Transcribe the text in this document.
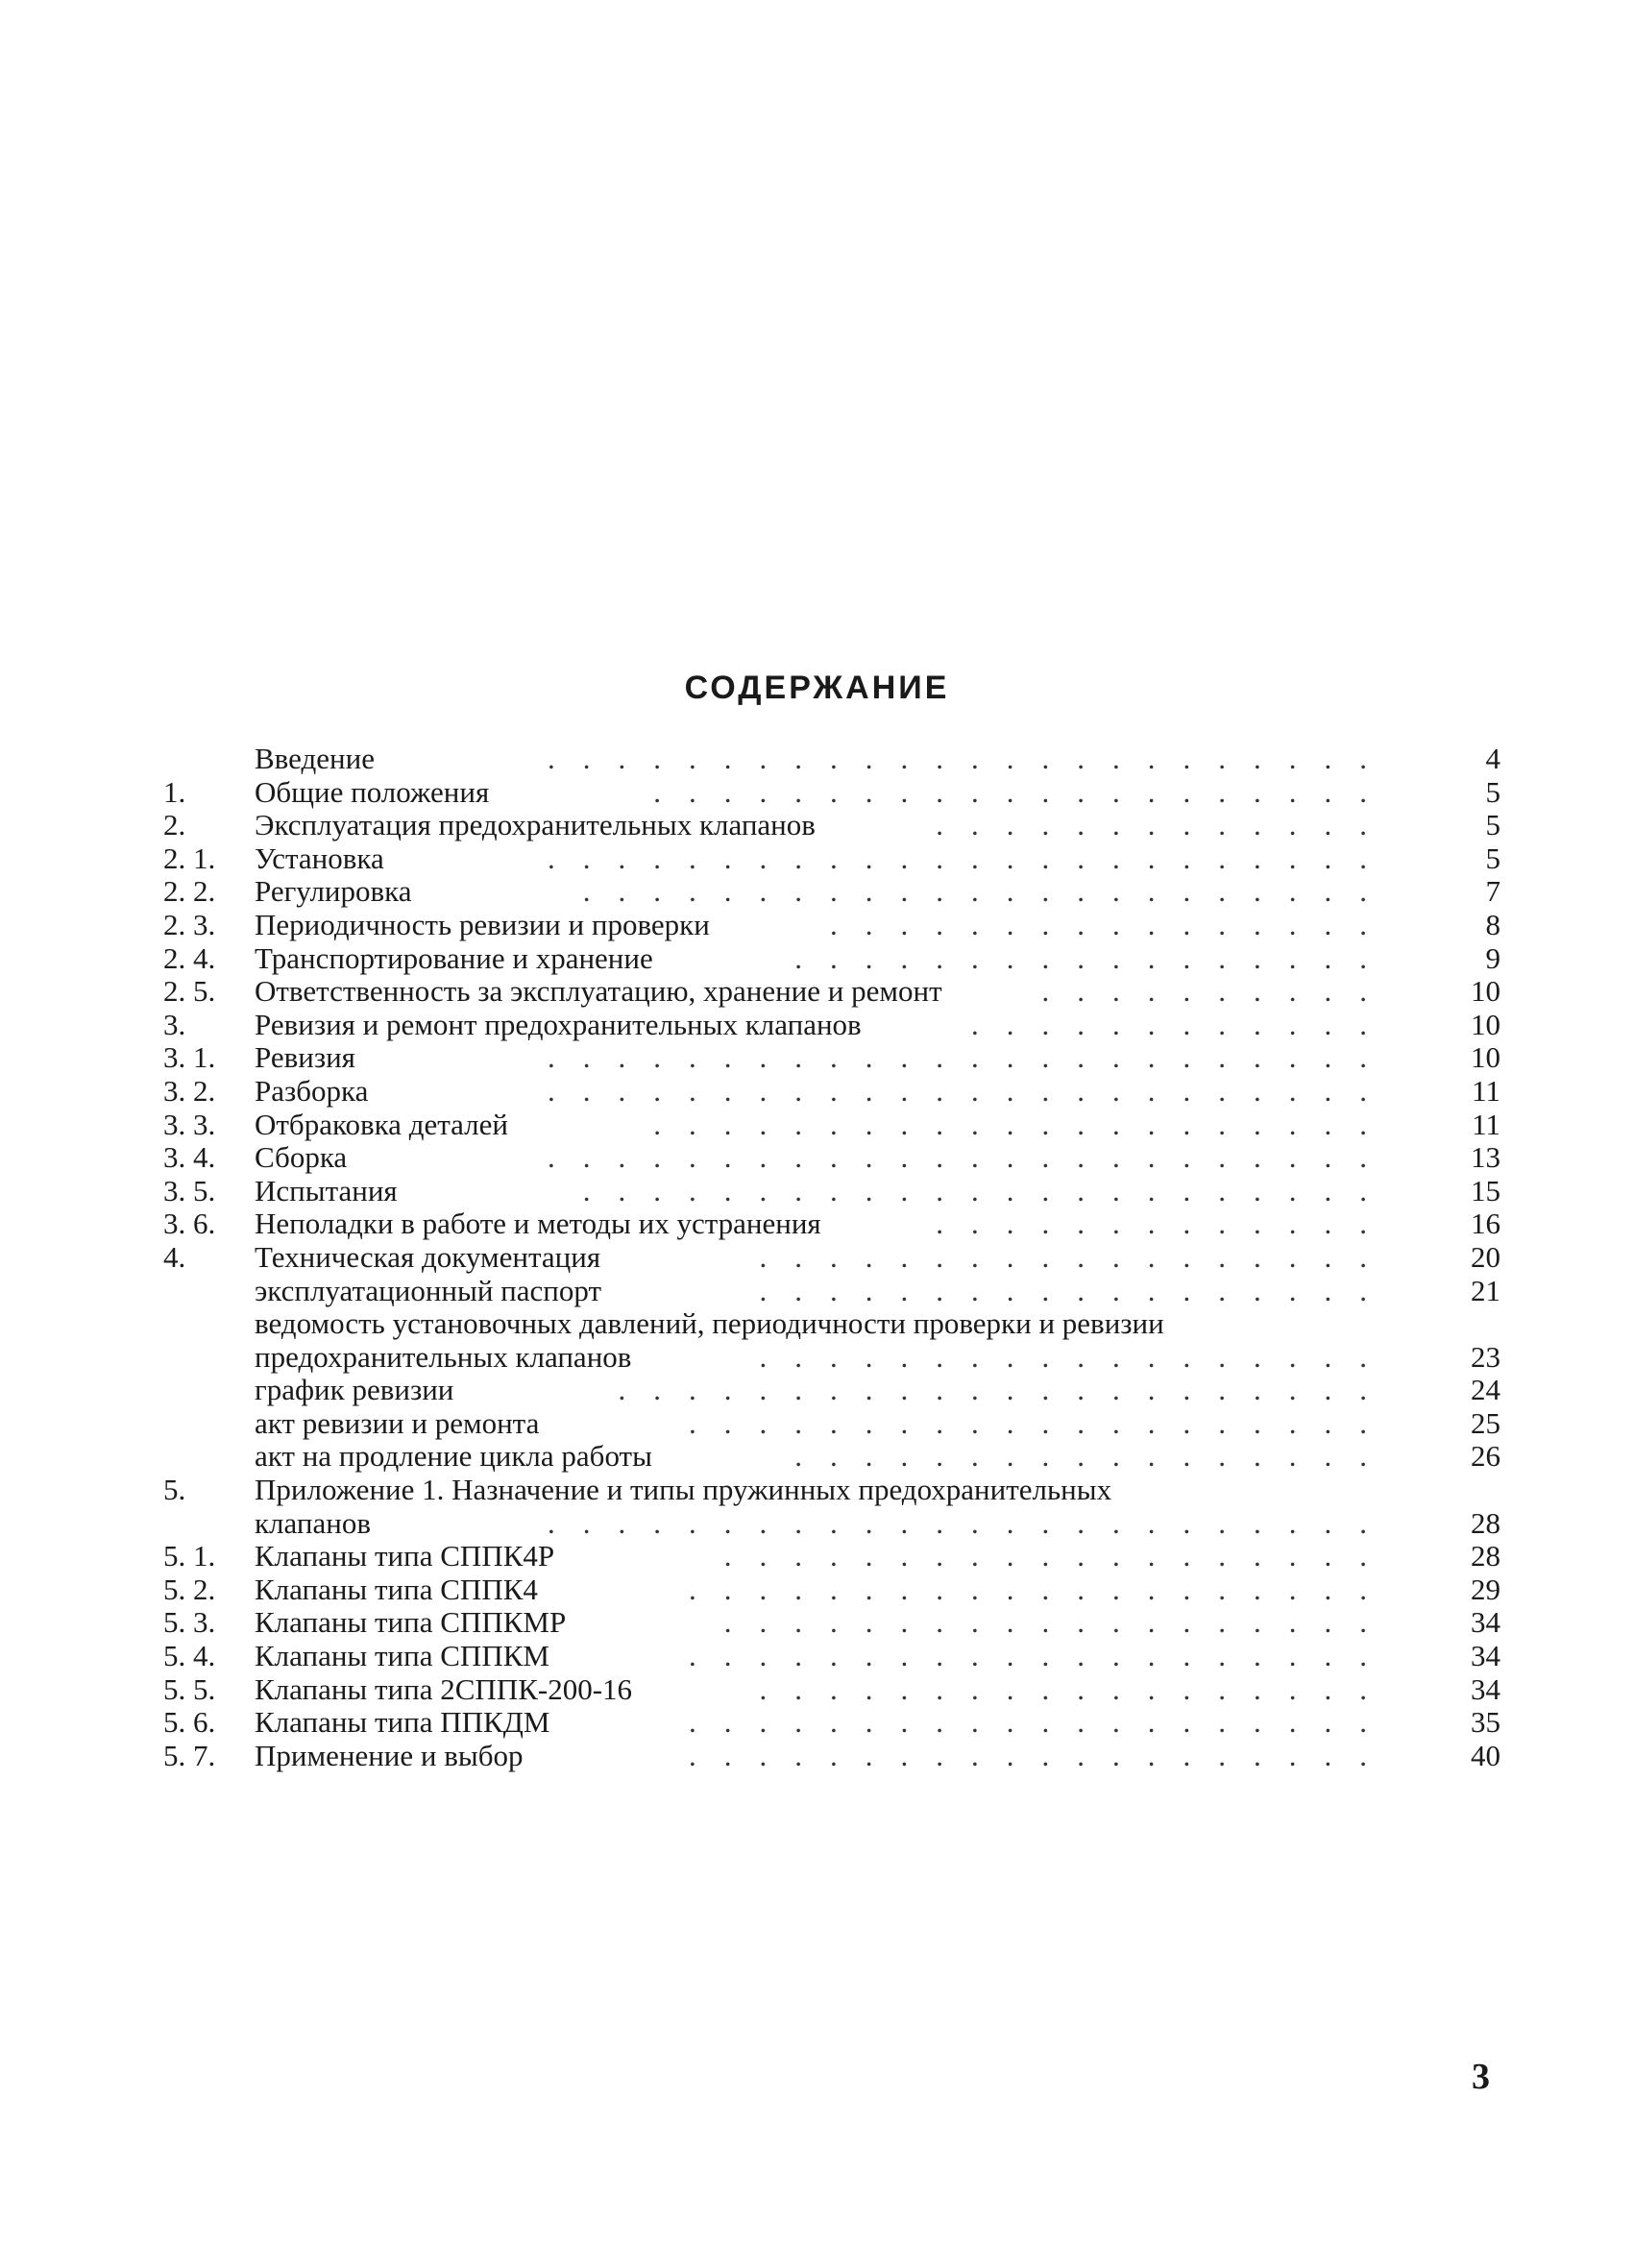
СОДЕРЖАНИЕ
Введение	4
........................
1. Общие положения	5
.....................
2. Эксплуатация предохранительных клапанов	5
.............
2. 1. Установка	5
........................
2. 2. Регулировка	7
.......................
2. 3. Периодичность ревизии и проверки	8
................
2. 4. Транспортирование и хранение	9
.................
2. 5. Ответственность за эксплуатацию, хранение и ремонт	10
..........
3. Ревизия и ремонт предохранительных клапанов	10
............
3. 1. Ревизия	10
........................
3. 2. Разборка	11
........................
3. 3. Отбраковка деталей	11
.....................
3. 4. Сборка	13
........................
3. 5. Испытания	15
.......................
3. 6. Неполадки в работе и методы их устранения	16
.............
4. Техническая документация	20
..................
эксплуатационный паспорт	21
..................
ведомость установочных давлений, периодичности проверки и ревизии
предохранительных клапанов	23
..................
график ревизии	24
......................
акт ревизии и ремонта	25
....................
акт на продление цикла работы	26
.................
5. Приложение 1. Назначение и типы пружинных предохранительных
клапанов	28
........................
5. 1. Клапаны типа СППК4Р	28
...................
5. 2. Клапаны типа СППК4	29
....................
5. 3. Клапаны типа СППКМР	34
...................
5. 4. Клапаны типа СППКМ	34
....................
5. 5. Клапаны типа 2СППК-200-16	34
..................
5. 6. Клапаны типа ППКДМ	35
....................
5. 7. Применение и выбор	40
....................
3
